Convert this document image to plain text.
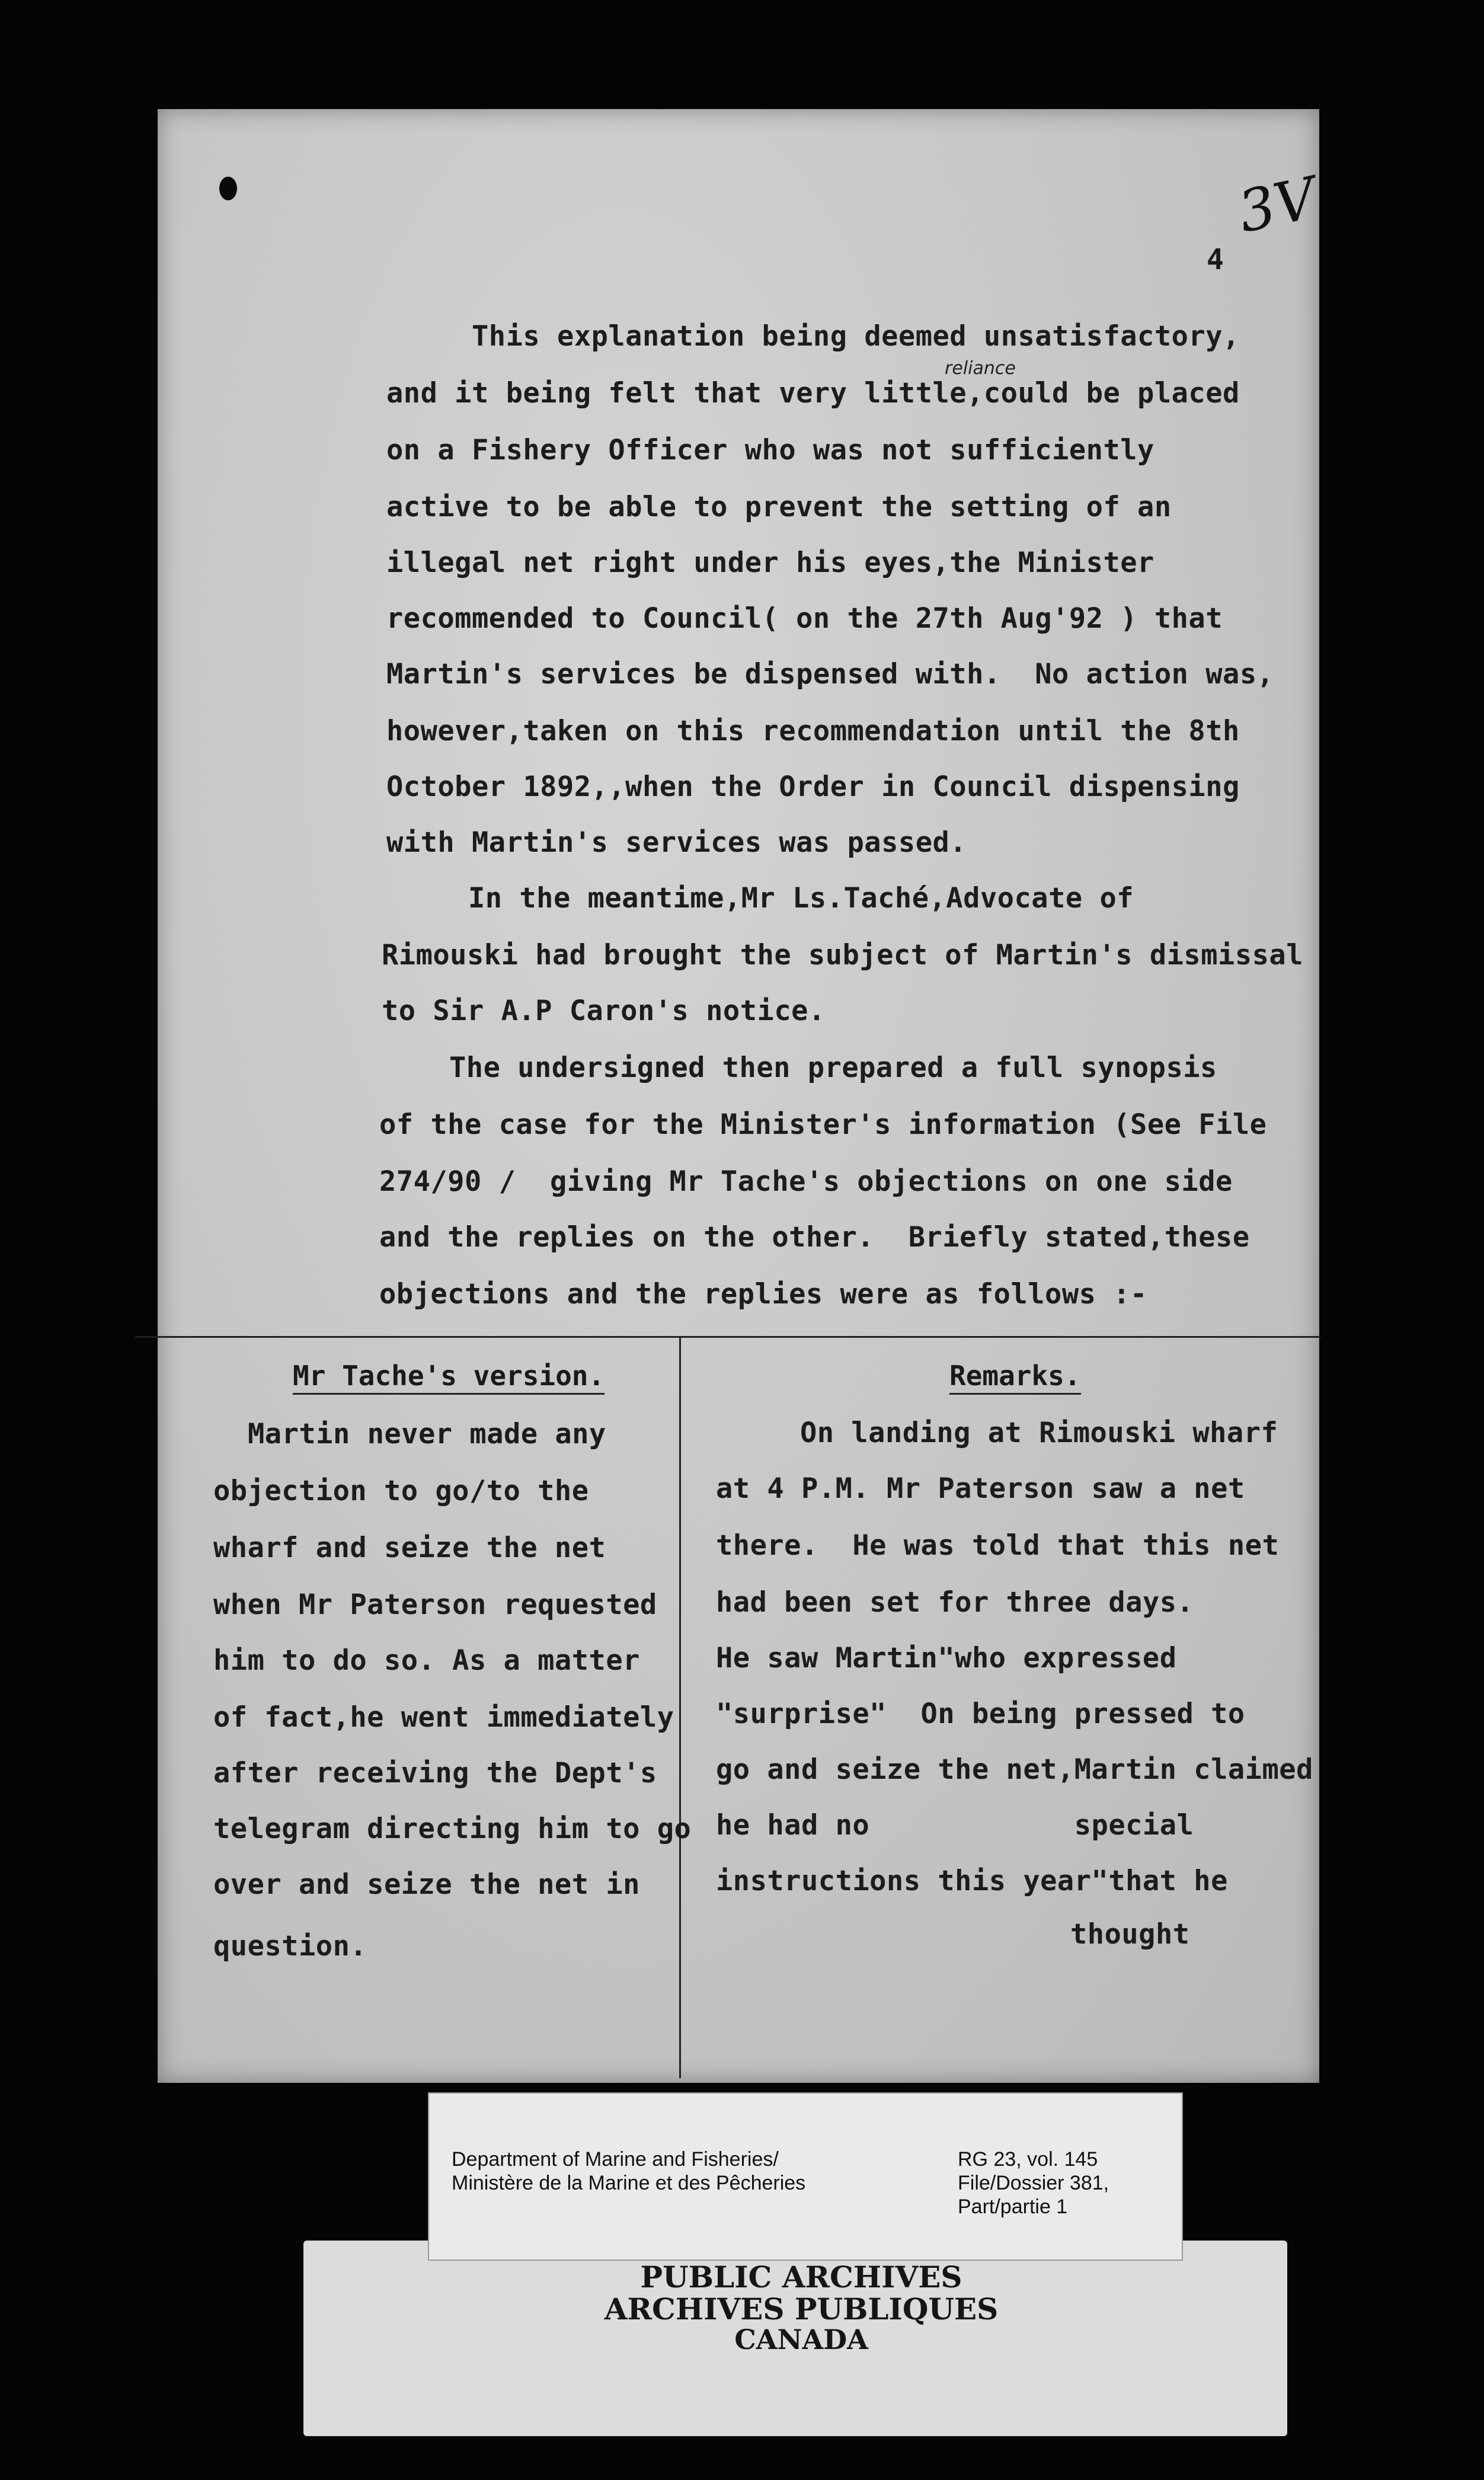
3V
4
reliance
This explanation being deemed unsatisfactory,
and it being felt that very little,could be placed
on a Fishery Officer who was not sufficiently
active to be able to prevent the setting of an
illegal net right under his eyes,the Minister
recommended to Council( on the 27th Aug'92 ) that
Martin's services be dispensed with.  No action was,
however,taken on this recommendation until the 8th
October 1892,,when the Order in Council dispensing
with Martin's services was passed.
In the meantime,Mr Ls.Taché,Advocate of
Rimouski had brought the subject of Martin's dismissal
to Sir A.P Caron's notice.
The undersigned then prepared a full synopsis
of the case for the Minister's information (See File
274/90 /  giving Mr Tache's objections on one side
and the replies on the other.  Briefly stated,these
objections and the replies were as follows :-
Mr Tache's version.	Remarks.
Martin never made any
objection to go/to the
wharf and seize the net
when Mr Paterson requested
him to do so. As a matter
of fact,he went immediately
after receiving the Dept's
telegram directing him to go
over and seize the net in
question.
On landing at Rimouski wharf
at 4 P.M. Mr Paterson saw a net
there.  He was told that this net
had been set for three days.
He saw Martin"who expressed
"surprise"  On being pressed to
go and seize the net,Martin claimed
he had no            special
instructions this year"that he
thought
Department of Marine and Fisheries/
Ministère de la Marine et des Pêcheries
RG 23, vol. 145
File/Dossier 381,
Part/partie 1
PUBLIC ARCHIVES
ARCHIVES PUBLIQUES
CANADA
